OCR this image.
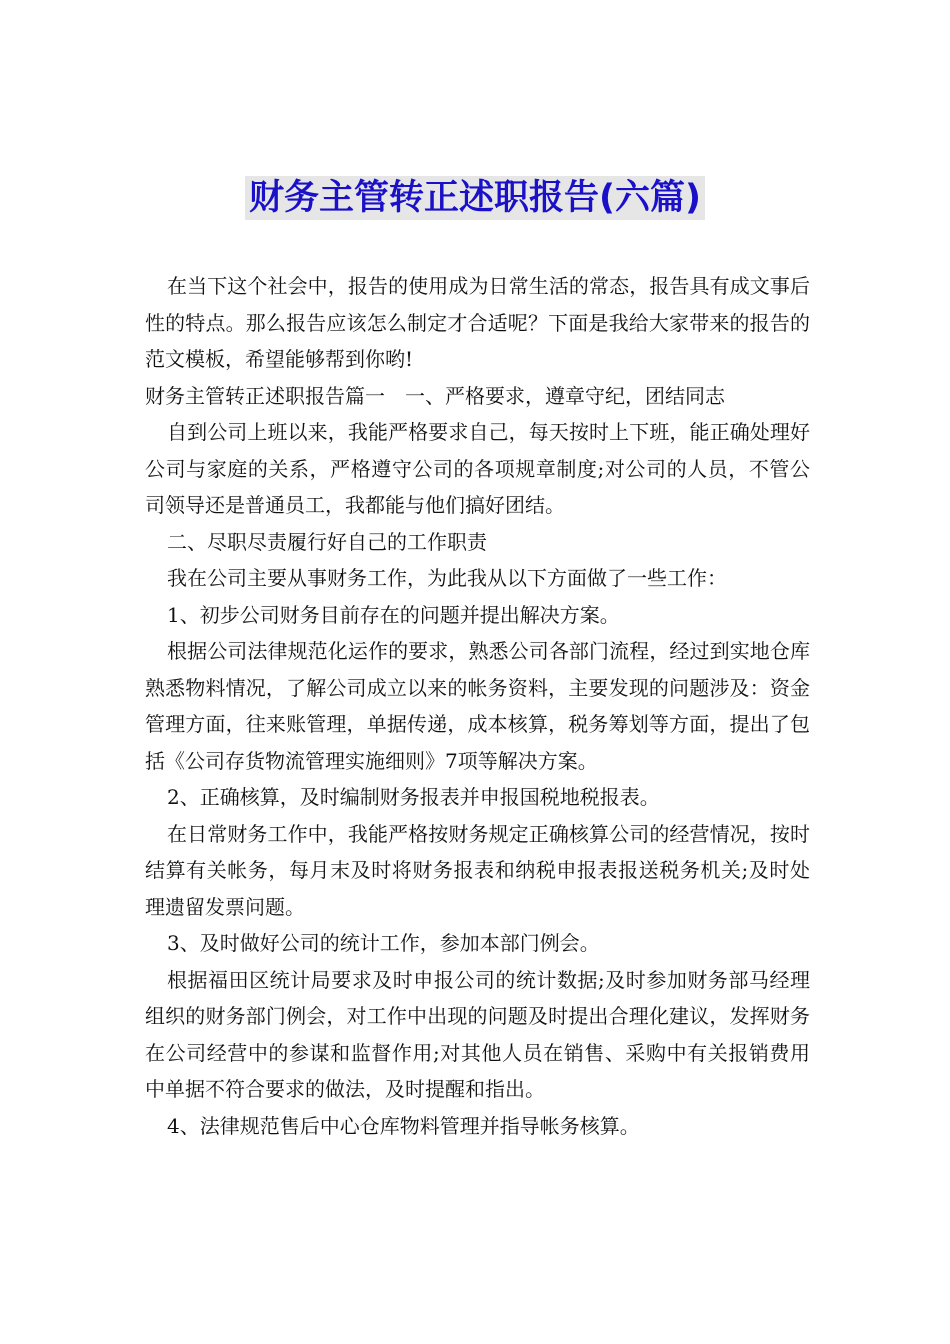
财务主管转正述职报告(六篇)

在当下这个社会中，报告的使用成为日常生活的常态，报告具有成文事后性的特点。那么报告应该怎么制定才合适呢？下面是我给大家带来的报告的范文模板，希望能够帮到你哟!

财务主管转正述职报告篇一　一、严格要求，遵章守纪，团结同志

自到公司上班以来，我能严格要求自己，每天按时上下班，能正确处理好公司与家庭的关系，严格遵守公司的各项规章制度;对公司的人员，不管公司领导还是普通员工，我都能与他们搞好团结。

二、尽职尽责履行好自己的工作职责

我在公司主要从事财务工作，为此我从以下方面做了一些工作：

1、初步公司财务目前存在的问题并提出解决方案。

根据公司法律规范化运作的要求，熟悉公司各部门流程，经过到实地仓库熟悉物料情况，了解公司成立以来的帐务资料，主要发现的问题涉及：资金管理方面，往来账管理，单据传递，成本核算，税务筹划等方面，提出了包括《公司存货物流管理实施细则》7项等解决方案。

2、正确核算，及时编制财务报表并申报国税地税报表。

在日常财务工作中，我能严格按财务规定正确核算公司的经营情况，按时结算有关帐务，每月末及时将财务报表和纳税申报表报送税务机关;及时处理遗留发票问题。

3、及时做好公司的统计工作，参加本部门例会。

根据福田区统计局要求及时申报公司的统计数据;及时参加财务部马经理组织的财务部门例会，对工作中出现的问题及时提出合理化建议，发挥财务在公司经营中的参谋和监督作用;对其他人员在销售、采购中有关报销费用中单据不符合要求的做法，及时提醒和指出。

4、法律规范售后中心仓库物料管理并指导帐务核算。
